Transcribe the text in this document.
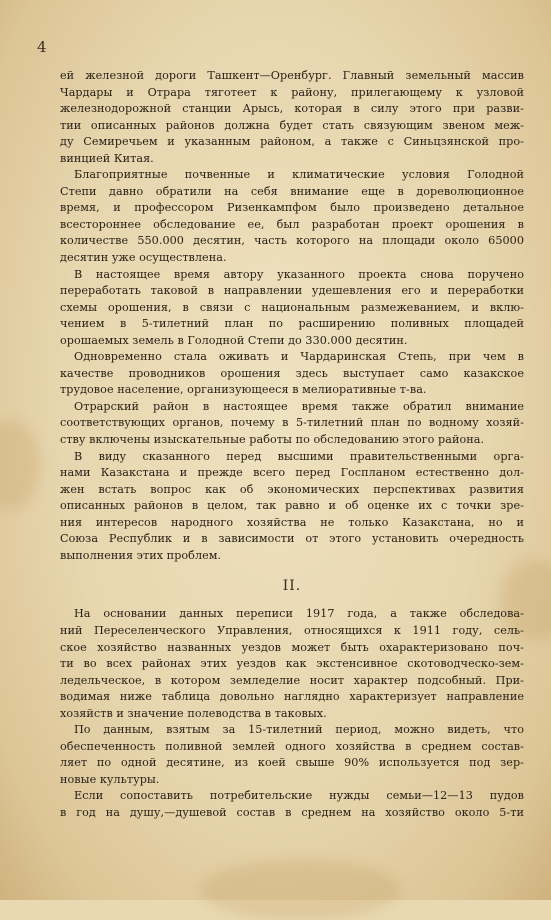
4
ей железной дороги Ташкент—Оренбург. Главный земельный массив
Чардары и Отрара тяготеет к району, прилегающему к узловой
железнодорожной станции Арысь, которая в силу этого при разви-
тии описанных районов должна будет стать связующим звеном меж-
ду Семиречьем и указанным районом, а также с Синьцзянской про-
винцией Китая.
Благоприятные почвенные и климатические условия Голодной
Степи давно обратили на себя внимание еще в дореволюционное
время, и профессором Ризенкампфом было произведено детальное
всестороннее обследование ее, был разработан проект орошения в
количестве 550.000 десятин, часть которого на площади около 65000
десятин уже осуществлена.
В настоящее время автору указанного проекта снова поручено
переработать таковой в направлении удешевления его и переработки
схемы орошения, в связи с национальным размежеванием, и вклю-
чением в 5-тилетний план по расширению поливных площадей
орошаемых земель в Голодной Степи до 330.000 десятин.
Одновременно стала оживать и Чардаринская Степь, при чем в
качестве проводников орошения здесь выступает само казакское
трудовое население, организующееся в мелиоративные т-ва.
Отрарский район в настоящее время также обратил внимание
соответствующих органов, почему в 5-тилетний план по водному хозяй-
ству включены изыскательные работы по обследованию этого района.
В виду сказанного перед высшими правительственными орга-
нами Казакстана и прежде всего перед Госпланом естественно дол-
жен встать вопрос как об экономических перспективах развития
описанных районов в целом, так равно и об оценке их с точки зре-
ния интересов народного хозяйства не только Казакстана, но и
Союза Республик и в зависимости от этого установить очередность
выполнения этих проблем.
II.
На основании данных переписи 1917 года, а также обследова-
ний Переселенческого Управления, относящихся к 1911 году, сель-
ское хозяйство названных уездов может быть охарактеризовано поч-
ти во всех районах этих уездов как экстенсивное скотоводческо-зем-
ледельческое, в котором земледелие носит характер подсобный. При-
водимая ниже таблица довольно наглядно характеризует направление
хозяйств и значение полеводства в таковых.
По данным, взятым за 15-тилетний период, можно видеть, что
обеспеченность поливной землей одного хозяйства в среднем состав-
ляет по одной десятине, из коей свыше 90% используется под зер-
новые культуры.
Если сопоставить потребительские нужды семьи—12—13 пудов
в год на душу,—душевой состав в среднем на хозяйство около 5-ти
